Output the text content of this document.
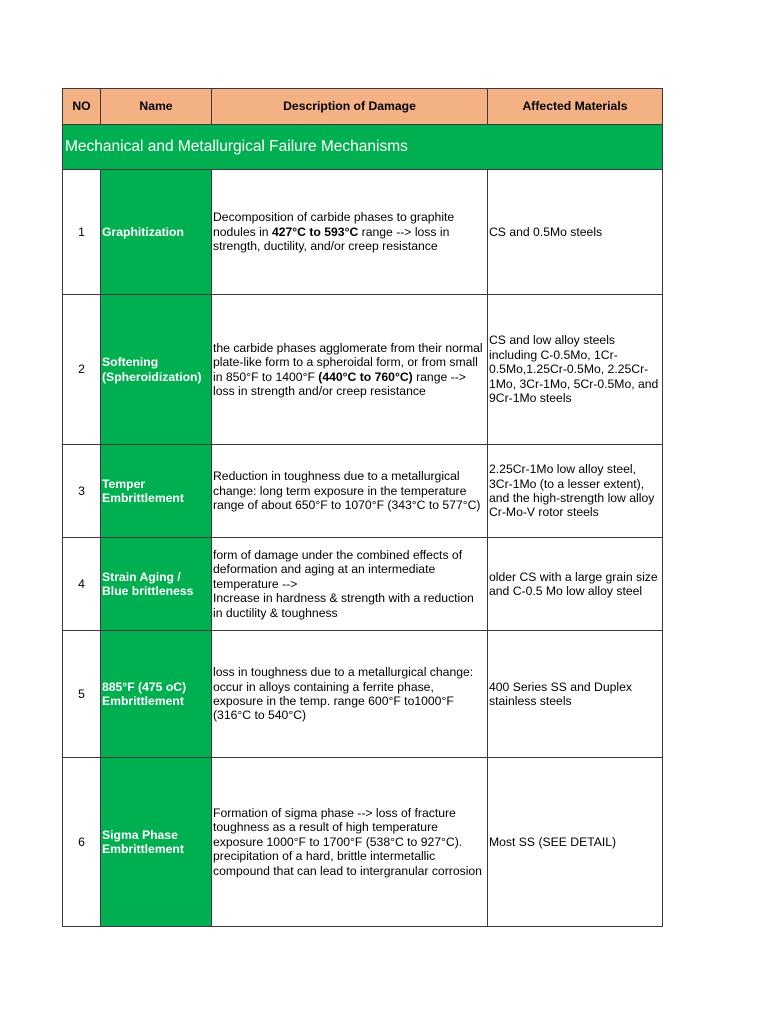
NO	Name	Description of Damage	Affected Materials
Mechanical and Metallurgical Failure Mechanisms			
1	Graphitization	Decomposition of carbide phases to graphite nodules in 427°C to 593°C range --> loss in strength, ductility, and/or creep resistance	CS and 0.5Mo steels
2	Softening (Spheroidization)	the carbide phases agglomerate from their normal plate-like form to a spheroidal form, or from small in 850°F to 1400°F (440°C to 760°C) range --> loss in strength and/or creep resistance	CS and low alloy steels including C-0.5Mo, 1Cr-0.5Mo,1.25Cr-0.5Mo, 2.25Cr-1Mo, 3Cr-1Mo, 5Cr-0.5Mo, and 9Cr-1Mo steels
3	Temper Embrittlement	Reduction in toughness due to a metallurgical change: long term exposure in the temperature range of about 650°F to 1070°F (343°C to 577°C)	2.25Cr-1Mo low alloy steel, 3Cr-1Mo (to a lesser extent), and the high-strength low alloy
Cr-Mo-V rotor steels
4	Strain Aging / Blue brittleness	form of damage under the combined effects of deformation and aging at an intermediate temperature -->
Increase in hardness & strength with a reduction in ductility & toughness	older CS with a large grain size and C-0.5 Mo low alloy steel
5	885°F (475 oC) Embrittlement	loss in toughness due to a metallurgical change: occur in alloys containing a ferrite phase, exposure in the temp. range 600°F to1000°F (316°C to 540°C)	400 Series SS and Duplex stainless steels
6	Sigma Phase Embrittlement	Formation of sigma phase --> loss of fracture toughness as a result of high temperature exposure 1000°F to 1700°F (538°C to 927°C). precipitation of a hard, brittle intermetallic compound that can lead to intergranular corrosion	Most SS (SEE DETAIL)
